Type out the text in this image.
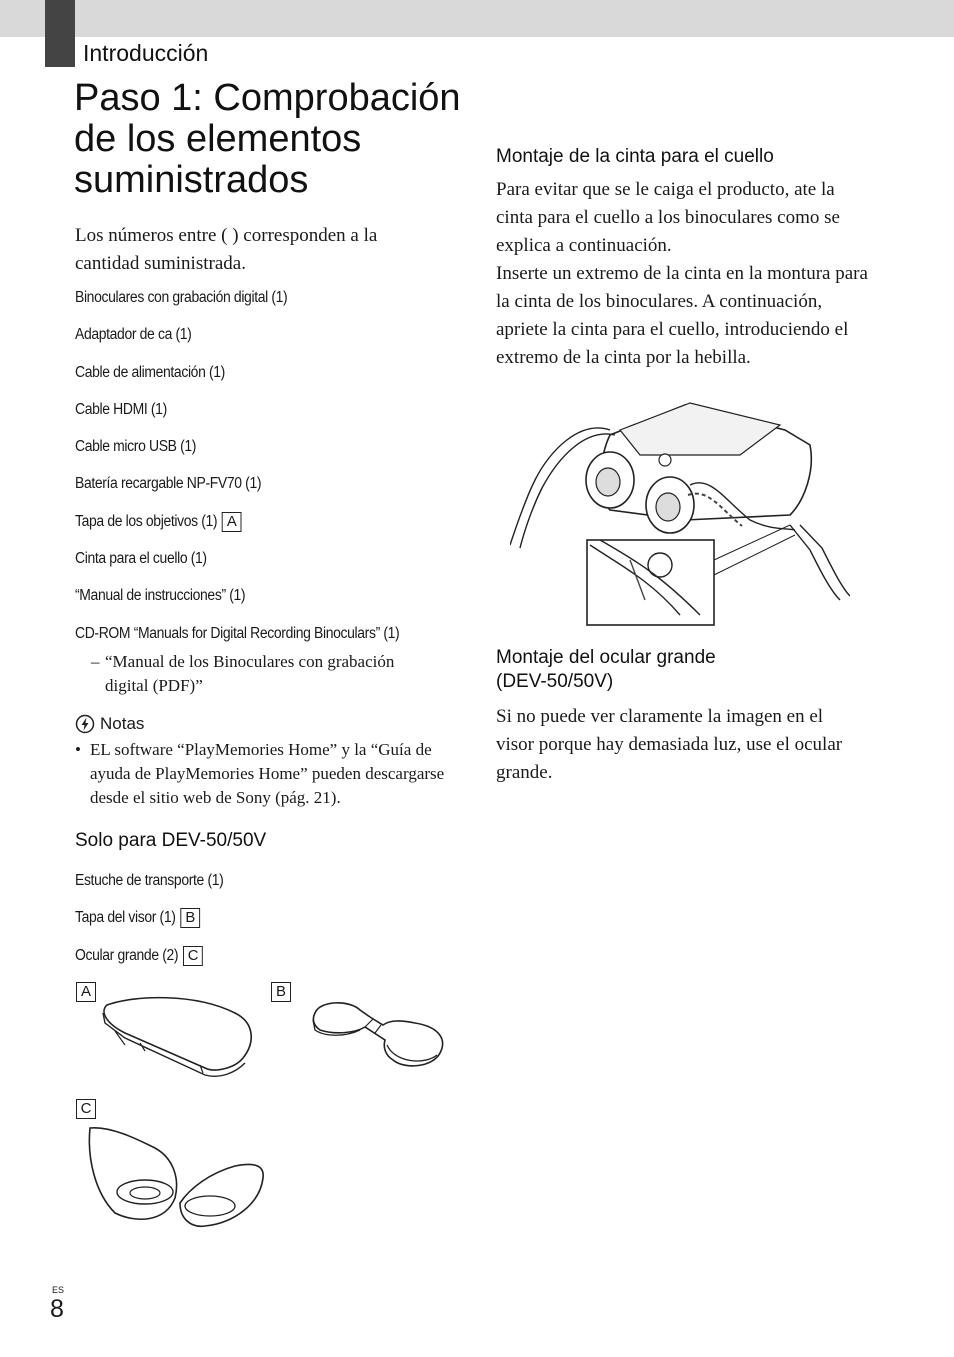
Introducción
Paso 1: Comprobación
de los elementos
suministrados
Los números entre ( ) corresponden a la cantidad suministrada.
Binoculares con grabación digital (1)
Adaptador de ca (1)
Cable de alimentación (1)
Cable HDMI (1)
Cable micro USB (1)
Batería recargable NP-FV70 (1)
Tapa de los objetivos (1) A
Cinta para el cuello (1)
“Manual de instrucciones” (1)
CD-ROM “Manuals for Digital Recording Binoculars” (1)
– “Manual de los Binoculares con grabación digital (PDF)”
Notas
• EL software “PlayMemories Home” y la “Guía de ayuda de PlayMemories Home” pueden descargarse desde el sitio web de Sony (pág. 21).
Solo para DEV-50/50V
Estuche de transporte (1)
Tapa del visor (1) B
Ocular grande (2) C
A	B
C
Montaje de la cinta para el cuello
Para evitar que se le caiga el producto, ate la cinta para el cuello a los binoculares como se explica a continuación.
Inserte un extremo de la cinta en la montura para la cinta de los binoculares. A continuación, apriete la cinta para el cuello, introduciendo el extremo de la cinta por la hebilla.
Montaje del ocular grande
(DEV-50/50V)
Si no puede ver claramente la imagen en el visor porque hay demasiada luz, use el ocular grande.
ES
8
